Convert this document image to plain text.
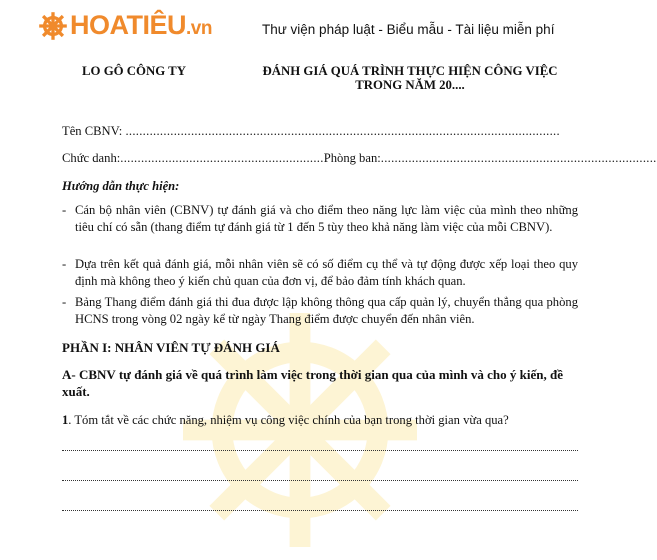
HOATIÊU .vn	Thư viện pháp luật - Biểu mẫu - Tài liệu miễn phí
LO GÔ CÔNG TY	ĐÁNH GIÁ QUÁ TRÌNH THỰC HIỆN CÔNG VIỆC
TRONG NĂM 20....
Tên CBNV: ..............................................................................................................................
Chức danh:...........................................................Phòng ban:................................................................................
Hướng dẫn thực hiện:
- Cán bộ nhân viên (CBNV) tự đánh giá và cho điểm theo năng lực làm việc của mình theo những tiêu chí có sẵn (thang điểm tự đánh giá từ 1 đến 5 tùy theo khả năng làm việc của mỗi CBNV).
- Dựa trên kết quả đánh giá, mỗi nhân viên sẽ có số điểm cụ thể và tự động được xếp loại theo quy định mà không theo ý kiến chủ quan của đơn vị, để bảo đảm tính khách quan.
- Bảng Thang điểm đánh giá thi đua được lập không thông qua cấp quản lý, chuyển thẳng qua phòng HCNS trong vòng 02 ngày kể từ ngày Thang điểm được chuyển đến nhân viên.
PHẦN I: NHÂN VIÊN TỰ ĐÁNH GIÁ
A- CBNV tự đánh giá về quá trình làm việc trong thời gian qua của mình và cho ý kiến, đề xuất.
1. Tóm tắt về các chức năng, nhiệm vụ công việc chính của bạn trong thời gian vừa qua?
